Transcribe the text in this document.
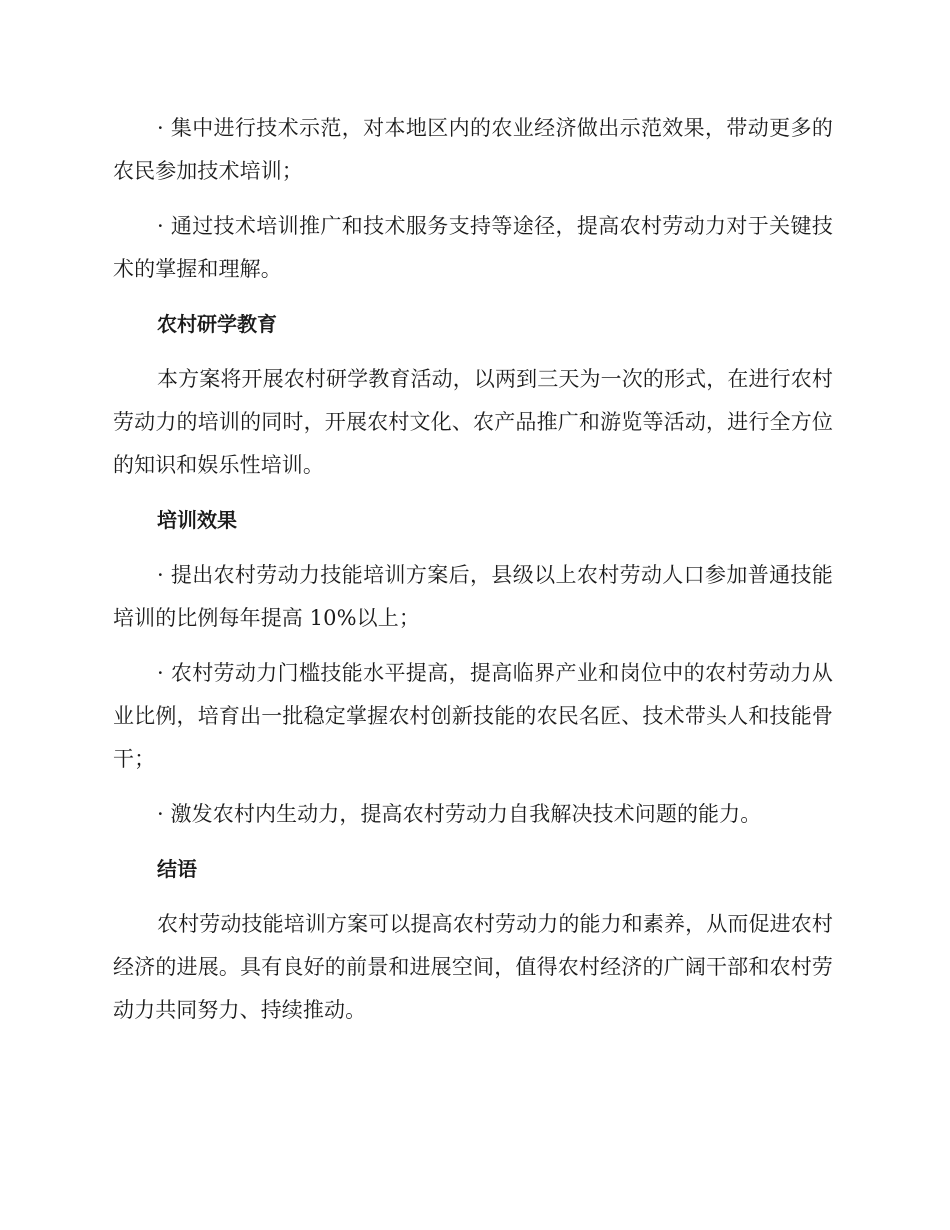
· 集中进行技术示范，对本地区内的农业经济做出示范效果，带动更多的农民参加技术培训；

· 通过技术培训推广和技术服务支持等途径，提高农村劳动力对于关键技术的掌握和理解。

农村研学教育

本方案将开展农村研学教育活动，以两到三天为一次的形式，在进行农村劳动力的培训的同时，开展农村文化、农产品推广和游览等活动，进行全方位的知识和娱乐性培训。

培训效果

· 提出农村劳动力技能培训方案后，县级以上农村劳动人口参加普通技能培训的比例每年提高 10%以上；

· 农村劳动力门槛技能水平提高，提高临界产业和岗位中的农村劳动力从业比例，培育出一批稳定掌握农村创新技能的农民名匠、技术带头人和技能骨干；

· 激发农村内生动力，提高农村劳动力自我解决技术问题的能力。

结语

农村劳动技能培训方案可以提高农村劳动力的能力和素养，从而促进农村经济的进展。具有良好的前景和进展空间，值得农村经济的广阔干部和农村劳动力共同努力、持续推动。
